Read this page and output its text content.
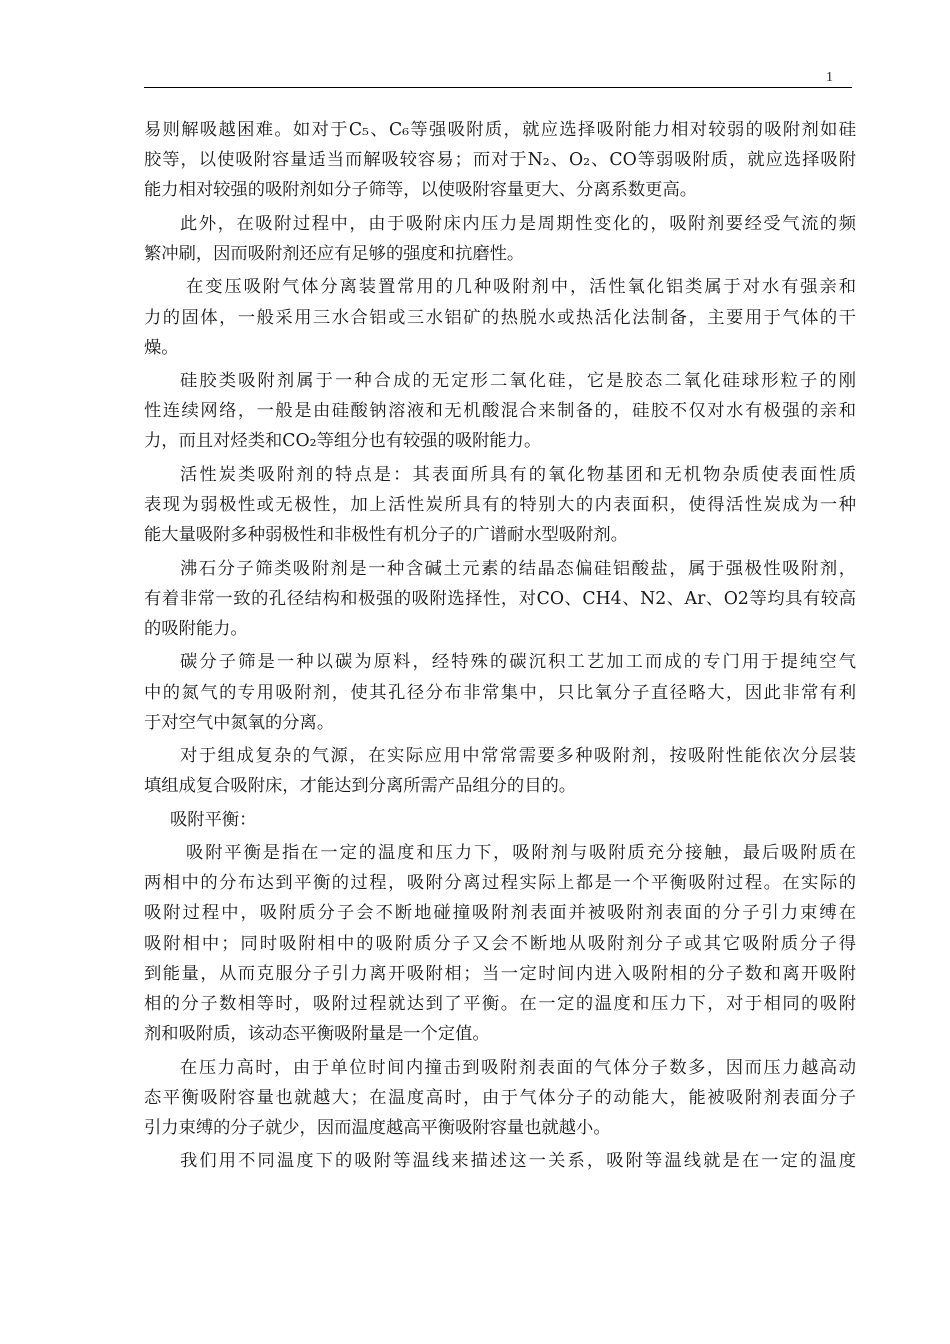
1
易则解吸越困难。如对于C₅、C₆等强吸附质，就应选择吸附能力相对较弱的吸附剂如硅
胶等，以使吸附容量适当而解吸较容易；而对于N₂、O₂、CO等弱吸附质，就应选择吸附
能力相对较强的吸附剂如分子筛等，以使吸附容量更大、分离系数更高。
此外，在吸附过程中，由于吸附床内压力是周期性变化的，吸附剂要经受气流的频
繁冲刷，因而吸附剂还应有足够的强度和抗磨性。
在变压吸附气体分离装置常用的几种吸附剂中，活性氧化铝类属于对水有强亲和
力的固体，一般采用三水合铝或三水铝矿的热脱水或热活化法制备，主要用于气体的干
燥。
硅胶类吸附剂属于一种合成的无定形二氧化硅，它是胶态二氧化硅球形粒子的刚
性连续网络，一般是由硅酸钠溶液和无机酸混合来制备的，硅胶不仅对水有极强的亲和
力，而且对烃类和CO₂等组分也有较强的吸附能力。
活性炭类吸附剂的特点是：其表面所具有的氧化物基团和无机物杂质使表面性质
表现为弱极性或无极性，加上活性炭所具有的特别大的内表面积，使得活性炭成为一种
能大量吸附多种弱极性和非极性有机分子的广谱耐水型吸附剂。
沸石分子筛类吸附剂是一种含碱土元素的结晶态偏硅铝酸盐，属于强极性吸附剂，
有着非常一致的孔径结构和极强的吸附选择性，对CO、CH4、N2、Ar、O2等均具有较高
的吸附能力。
碳分子筛是一种以碳为原料，经特殊的碳沉积工艺加工而成的专门用于提纯空气
中的氮气的专用吸附剂，使其孔径分布非常集中，只比氧分子直径略大，因此非常有利
于对空气中氮氧的分离。
对于组成复杂的气源，在实际应用中常常需要多种吸附剂，按吸附性能依次分层装
填组成复合吸附床，才能达到分离所需产品组分的目的。
吸附平衡：
吸附平衡是指在一定的温度和压力下，吸附剂与吸附质充分接触，最后吸附质在
两相中的分布达到平衡的过程，吸附分离过程实际上都是一个平衡吸附过程。在实际的
吸附过程中，吸附质分子会不断地碰撞吸附剂表面并被吸附剂表面的分子引力束缚在
吸附相中；同时吸附相中的吸附质分子又会不断地从吸附剂分子或其它吸附质分子得
到能量，从而克服分子引力离开吸附相；当一定时间内进入吸附相的分子数和离开吸附
相的分子数相等时，吸附过程就达到了平衡。在一定的温度和压力下，对于相同的吸附
剂和吸附质，该动态平衡吸附量是一个定值。
在压力高时，由于单位时间内撞击到吸附剂表面的气体分子数多，因而压力越高动
态平衡吸附容量也就越大；在温度高时，由于气体分子的动能大，能被吸附剂表面分子
引力束缚的分子就少，因而温度越高平衡吸附容量也就越小。
我们用不同温度下的吸附等温线来描述这一关系，吸附等温线就是在一定的温度
